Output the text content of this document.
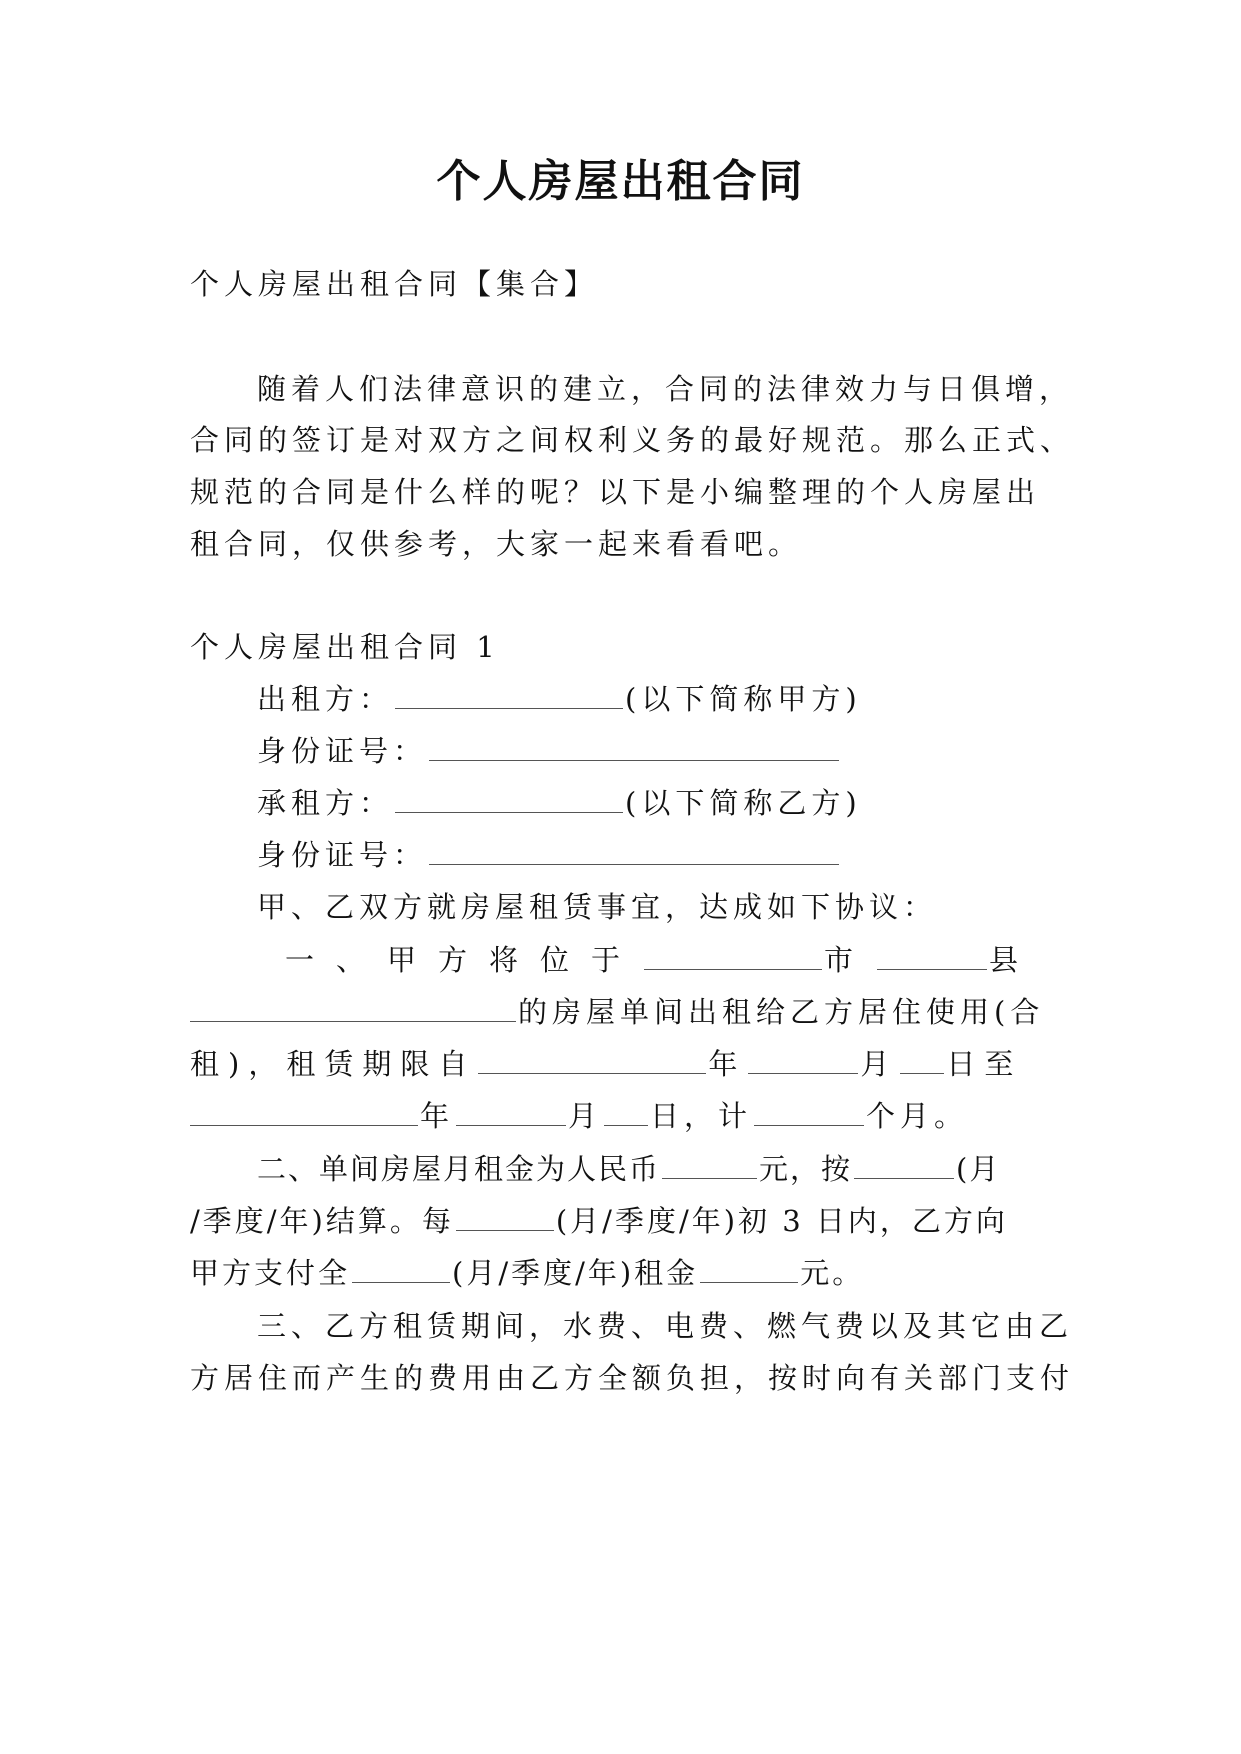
个人房屋出租合同
个人房屋出租合同【集合】
随着人们法律意识的建立，合同的法律效力与日俱增，
合同的签订是对双方之间权利义务的最好规范。那么正式、
规范的合同是什么样的呢？以下是小编整理的个人房屋出
租合同，仅供参考，大家一起来看看吧。
个人房屋出租合同 1
出租方：	(以下简称甲方)
身份证号：
承租方：	(以下简称乙方)
身份证号：
甲、乙双方就房屋租赁事宜，达成如下协议：
一、甲方将位于	市	县
的房屋单间出租给乙方居住使用(合
租)，租赁期限自	年	月 日至
年	月 日，计	个月。
二、单间房屋月租金为人民币	元，按	(月
/季度/年)结算。每	(月/季度/年)初 3 日内，乙方向
甲方支付全	(月/季度/年)租金	元。
三、乙方租赁期间，水费、电费、燃气费以及其它由乙
方居住而产生的费用由乙方全额负担，按时向有关部门支付
